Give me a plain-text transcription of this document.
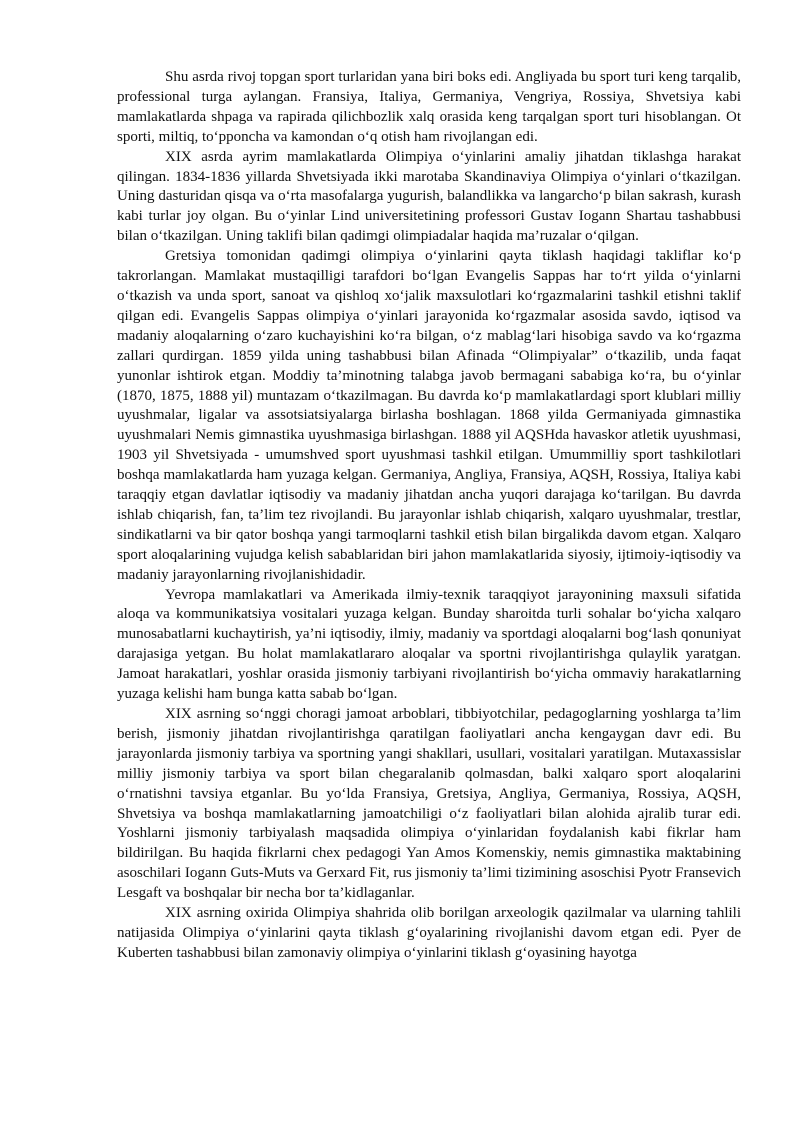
Shu asrda rivoj topgan sport turlaridan yana biri boks edi. Angliyada bu sport turi keng tarqalib, professional turga aylangan. Fransiya, Italiya, Germaniya, Vengriya, Rossiya, Shvetsiya kabi mamlakatlarda shpaga va rapirada qilichbozlik xalq orasida keng tarqalgan sport turi hisoblangan. Ot sporti, miltiq, to‘pponcha va kamondan o‘q otish ham rivojlangan edi.

XIX asrda ayrim mamlakatlarda Olimpiya o‘yinlarini amaliy jihatdan tiklashga harakat qilingan. 1834-1836 yillarda Shvetsiyada ikki marotaba Skandinaviya Olimpiya o‘yinlari o‘tkazilgan. Uning dasturidan qisqa va o‘rta masofalarga yugurish, balandlikka va langarcho‘p bilan sakrash, kurash kabi turlar joy olgan. Bu o‘yinlar Lind universitetining professori Gustav Iogann Shartau tashabbusi bilan o‘tkazilgan. Uning taklifi bilan qadimgi olimpiadalar haqida ma’ruzalar o‘qilgan.

Gretsiya tomonidan qadimgi olimpiya o‘yinlarini qayta tiklash haqidagi takliflar ko‘p takrorlangan. Mamlakat mustaqilligi tarafdori bo‘lgan Evangelis Sappas har to‘rt yilda o‘yinlarni o‘tkazish va unda sport, sanoat va qishloq xo‘jalik maxsulotlari ko‘rgazmalarini tashkil etishni taklif qilgan edi. Evangelis Sappas olimpiya o‘yinlari jarayonida ko‘rgazmalar asosida savdo, iqtisod va madaniy aloqalarning o‘zaro kuchayishini ko‘ra bilgan, o‘z mablag‘lari hisobiga savdo va ko‘rgazma zallari qurdirgan. 1859 yilda uning tashabbusi bilan Afinada “Olimpiyalar” o‘tkazilib, unda faqat yunonlar ishtirok etgan. Moddiy ta’minotning talabga javob bermagani sababiga ko‘ra, bu o‘yinlar (1870, 1875, 1888 yil) muntazam o‘tkazilmagan. Bu davrda ko‘p mamlakatlardagi sport klublari milliy uyushmalar, ligalar va assotsiatsiyalarga birlasha boshlagan. 1868 yilda Germaniyada gimnastika uyushmalari Nemis gimnastika uyushmasiga birlashgan. 1888 yil AQSHda havaskor atletik uyushmasi, 1903 yil Shvetsiyada - umumshved sport uyushmasi tashkil etilgan. Umummilliy sport tashkilotlari boshqa mamlakatlarda ham yuzaga kelgan. Germaniya, Angliya, Fransiya, AQSH, Rossiya, Italiya kabi taraqqiy etgan davlatlar iqtisodiy va madaniy jihatdan ancha yuqori darajaga ko‘tarilgan. Bu davrda ishlab chiqarish, fan, ta’lim tez rivojlandi. Bu jarayonlar ishlab chiqarish, xalqaro uyushmalar, trestlar, sindikatlarni va bir qator boshqa yangi tarmoqlarni tashkil etish bilan birgalikda davom etgan. Xalqaro sport aloqalarining vujudga kelish sabablaridan biri jahon mamlakatlarida siyosiy, ijtimoiy-iqtisodiy va madaniy jarayonlarning rivojlanishidadir.

Yevropa mamlakatlari va Amerikada ilmiy-texnik taraqqiyot jarayonining maxsuli sifatida aloqa va kommunikatsiya vositalari yuzaga kelgan. Bunday sharoitda turli sohalar bo‘yicha xalqaro munosabatlarni kuchaytirish, ya’ni iqtisodiy, ilmiy, madaniy va sportdagi aloqalarni bog‘lash qonuniyat darajasiga yetgan. Bu holat mamlakatlararo aloqalar va sportni rivojlantirishga qulaylik yaratgan. Jamoat harakatlari, yoshlar orasida jismoniy tarbiyani rivojlantirish bo‘yicha ommaviy harakatlarning yuzaga kelishi ham bunga katta sabab bo‘lgan.

XIX asrning so‘nggi choragi jamoat arboblari, tibbiyotchilar, pedagoglarning yoshlarga ta’lim berish, jismoniy jihatdan rivojlantirishga qaratilgan faoliyatlari ancha kengaygan davr edi. Bu jarayonlarda jismoniy tarbiya va sportning yangi shakllari, usullari, vositalari yaratilgan. Mutaxassislar milliy jismoniy tarbiya va sport bilan chegaralanib qolmasdan, balki xalqaro sport aloqalarini o‘rnatishni tavsiya etganlar. Bu yo‘lda Fransiya, Gretsiya, Angliya, Germaniya, Rossiya, AQSH, Shvetsiya va boshqa mamlakatlarning jamoatchiligi o‘z faoliyatlari bilan alohida ajralib turar edi. Yoshlarni jismoniy tarbiyalash maqsadida olimpiya o‘yinlaridan foydalanish kabi fikrlar ham bildirilgan. Bu haqida fikrlarni chex pedagogi Yan Amos Komenskiy, nemis gimnastika maktabining asoschilari Iogann Guts-Muts va Gerxard Fit, rus jismoniy ta’limi tizimining asoschisi Pyotr Fransevich Lesgaft va boshqalar bir necha bor ta’kidlaganlar.

XIX asrning oxirida Olimpiya shahrida olib borilgan arxeologik qazilmalar va ularning tahlili natijasida Olimpiya o‘yinlarini qayta tiklash g‘oyalarining rivojlanishi davom etgan edi. Pyer de Kuberten tashabbusi bilan zamonaviy olimpiya o‘yinlarini tiklash g‘oyasining hayotga
